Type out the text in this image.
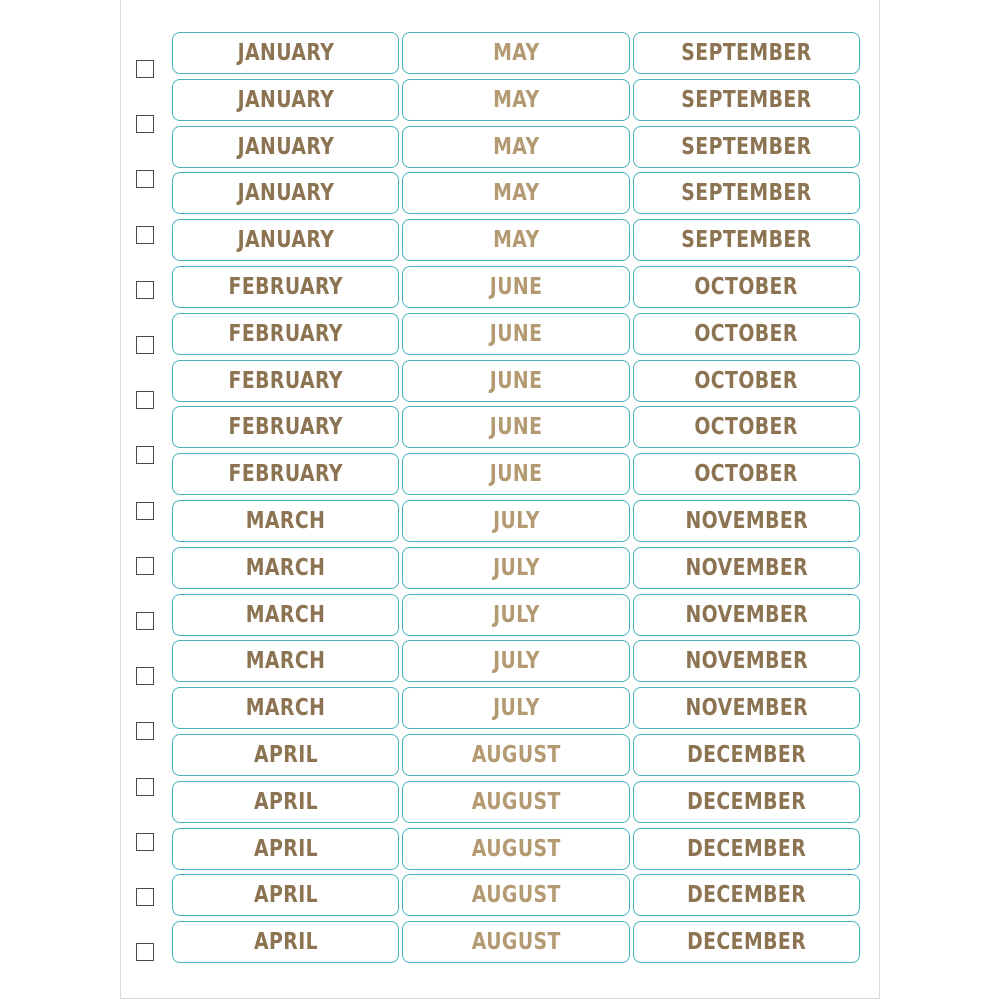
JANUARY	MAY	SEPTEMBER
JANUARY	MAY	SEPTEMBER
JANUARY	MAY	SEPTEMBER
JANUARY	MAY	SEPTEMBER
JANUARY	MAY	SEPTEMBER
FEBRUARY	JUNE	OCTOBER
FEBRUARY	JUNE	OCTOBER
FEBRUARY	JUNE	OCTOBER
FEBRUARY	JUNE	OCTOBER
FEBRUARY	JUNE	OCTOBER
MARCH	JULY	NOVEMBER
MARCH	JULY	NOVEMBER
MARCH	JULY	NOVEMBER
MARCH	JULY	NOVEMBER
MARCH	JULY	NOVEMBER
APRIL	AUGUST	DECEMBER
APRIL	AUGUST	DECEMBER
APRIL	AUGUST	DECEMBER
APRIL	AUGUST	DECEMBER
APRIL	AUGUST	DECEMBER
